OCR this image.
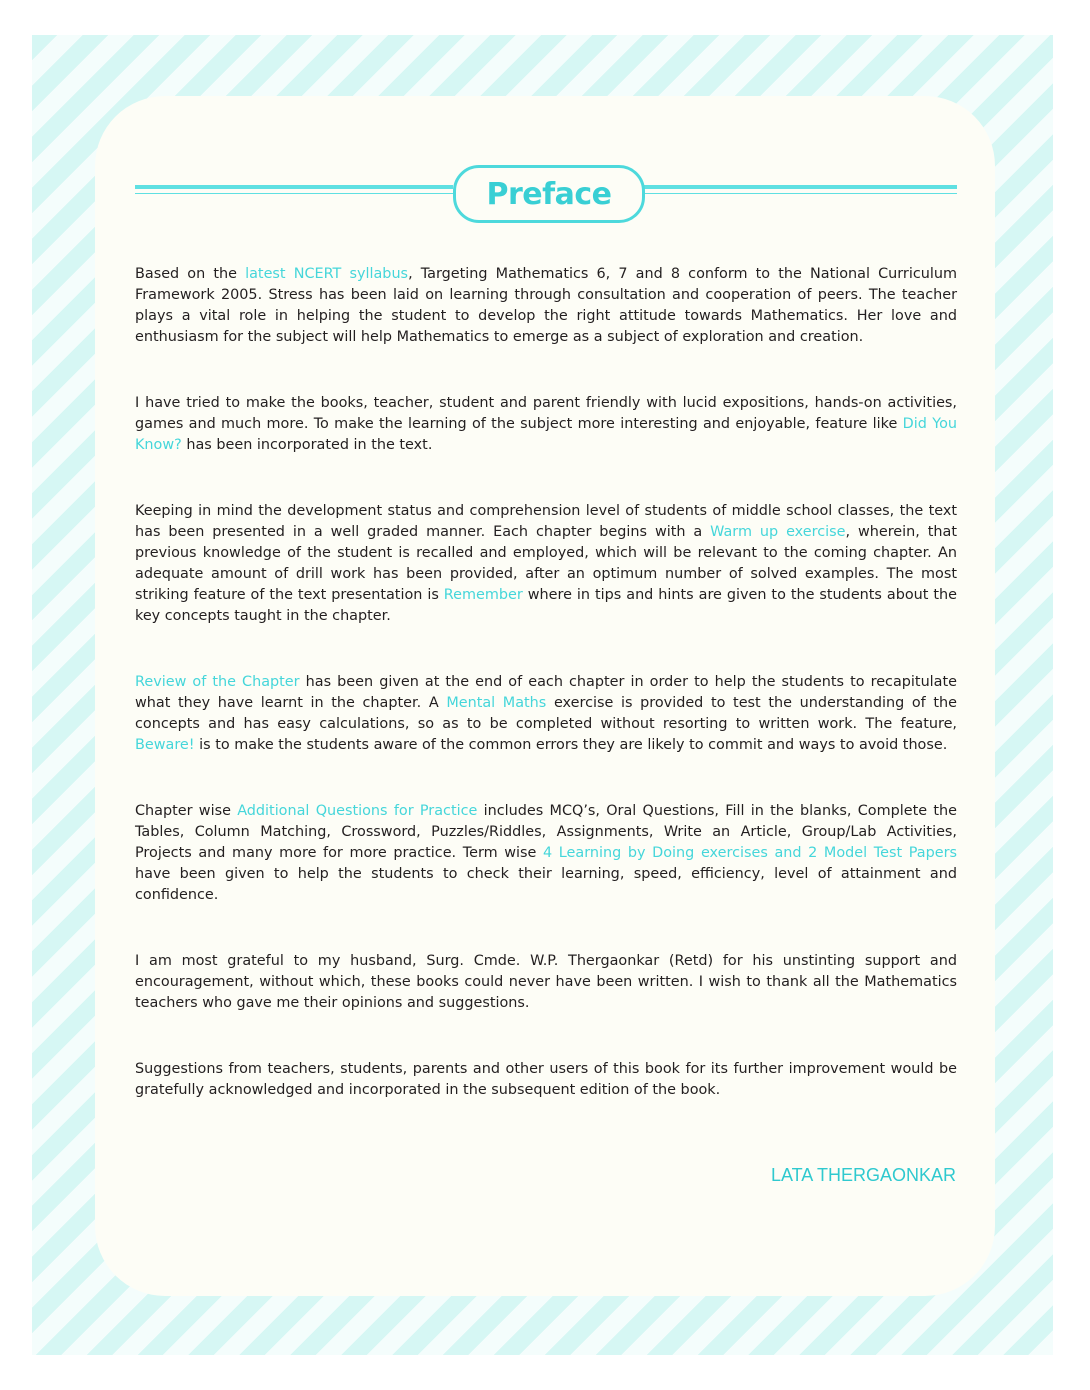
Preface

Based on the latest NCERT syllabus, Targeting Mathematics 6, 7 and 8 conform to the National Curriculum Framework 2005. Stress has been laid on learning through consultation and cooperation of peers. The teacher plays a vital role in helping the student to develop the right attitude towards Mathematics. Her love and enthusiasm for the subject will help Mathematics to emerge as a subject of exploration and creation.

I have tried to make the books, teacher, student and parent friendly with lucid expositions, hands-on activities, games and much more. To make the learning of the subject more interesting and enjoyable, feature like Did You Know? has been incorporated in the text.

Keeping in mind the development status and comprehension level of students of middle school classes, the text has been presented in a well graded manner. Each chapter begins with a Warm up exercise, wherein, that previous knowledge of the student is recalled and employed, which will be relevant to the coming chapter. An adequate amount of drill work has been provided, after an optimum number of solved examples. The most striking feature of the text presentation is Remember where in tips and hints are given to the students about the key concepts taught in the chapter.

Review of the Chapter has been given at the end of each chapter in order to help the students to recapitulate what they have learnt in the chapter. A Mental Maths exercise is provided to test the understanding of the concepts and has easy calculations, so as to be completed without resorting to written work. The feature, Beware! is to make the students aware of the common errors they are likely to commit and ways to avoid those.

Chapter wise Additional Questions for Practice includes MCQ’s, Oral Questions, Fill in the blanks, Complete the Tables, Column Matching, Crossword, Puzzles/Riddles, Assignments, Write an Article, Group/Lab Activities, Projects and many more for more practice. Term wise 4 Learning by Doing exercises and 2 Model Test Papers have been given to help the students to check their learning, speed, efficiency, level of attainment and confidence.

I am most grateful to my husband, Surg. Cmde. W.P. Thergaonkar (Retd) for his unstinting support and encouragement, without which, these books could never have been written. I wish to thank all the Mathematics teachers who gave me their opinions and suggestions.

Suggestions from teachers, students, parents and other users of this book for its further improvement would be gratefully acknowledged and incorporated in the subsequent edition of the book.

LATA THERGAONKAR
